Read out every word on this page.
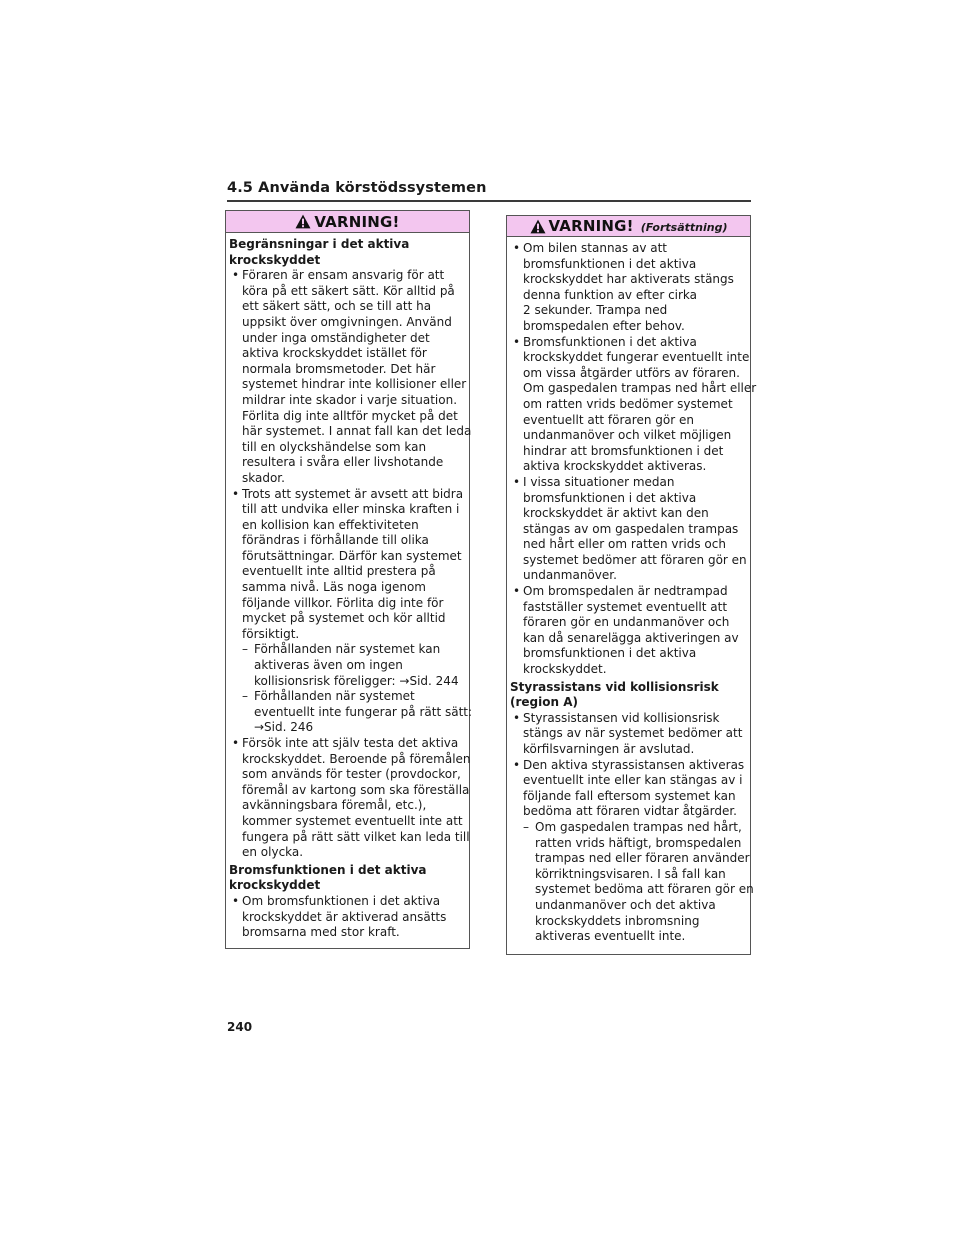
4.5 Använda körstödssystemen
VARNING!
Begränsningar i det aktiva
krockskyddet
• Föraren är ensam ansvarig för att
köra på ett säkert sätt. Kör alltid på
ett säkert sätt, och se till att ha
uppsikt över omgivningen. Använd
under inga omständigheter det
aktiva krockskyddet istället för
normala bromsmetoder. Det här
systemet hindrar inte kollisioner eller
mildrar inte skador i varje situation.
Förlita dig inte alltför mycket på det
här systemet. I annat fall kan det leda
till en olyckshändelse som kan
resultera i svåra eller livshotande
skador.
• Trots att systemet är avsett att bidra
till att undvika eller minska kraften i
en kollision kan effektiviteten
förändras i förhållande till olika
förutsättningar. Därför kan systemet
eventuellt inte alltid prestera på
samma nivå. Läs noga igenom
följande villkor. Förlita dig inte för
mycket på systemet och kör alltid
försiktigt.
– Förhållanden när systemet kan
aktiveras även om ingen
kollisionsrisk föreligger: →Sid. 244
– Förhållanden när systemet
eventuellt inte fungerar på rätt sätt:
→Sid. 246
• Försök inte att själv testa det aktiva
krockskyddet. Beroende på föremålen
som används för tester (provdockor,
föremål av kartong som ska föreställa
avkänningsbara föremål, etc.),
kommer systemet eventuellt inte att
fungera på rätt sätt vilket kan leda till
en olycka.
Bromsfunktionen i det aktiva
krockskyddet
• Om bromsfunktionen i det aktiva
krockskyddet är aktiverad ansätts
bromsarna med stor kraft.
VARNING! (Fortsättning)
• Om bilen stannas av att
bromsfunktionen i det aktiva
krockskyddet har aktiverats stängs
denna funktion av efter cirka
2 sekunder. Trampa ned
bromspedalen efter behov.
• Bromsfunktionen i det aktiva
krockskyddet fungerar eventuellt inte
om vissa åtgärder utförs av föraren.
Om gaspedalen trampas ned hårt eller
om ratten vrids bedömer systemet
eventuellt att föraren gör en
undanmanöver och vilket möjligen
hindrar att bromsfunktionen i det
aktiva krockskyddet aktiveras.
• I vissa situationer medan
bromsfunktionen i det aktiva
krockskyddet är aktivt kan den
stängas av om gaspedalen trampas
ned hårt eller om ratten vrids och
systemet bedömer att föraren gör en
undanmanöver.
• Om bromspedalen är nedtrampad
fastställer systemet eventuellt att
föraren gör en undanmanöver och
kan då senarelägga aktiveringen av
bromsfunktionen i det aktiva
krockskyddet.
Styrassistans vid kollisionsrisk
(region A)
• Styrassistansen vid kollisionsrisk
stängs av när systemet bedömer att
körfilsvarningen är avslutad.
• Den aktiva styrassistansen aktiveras
eventuellt inte eller kan stängas av i
följande fall eftersom systemet kan
bedöma att föraren vidtar åtgärder.
– Om gaspedalen trampas ned hårt,
ratten vrids häftigt, bromspedalen
trampas ned eller föraren använder
körriktningsvisaren. I så fall kan
systemet bedöma att föraren gör en
undanmanöver och det aktiva
krockskyddets inbromsning
aktiveras eventuellt inte.
240
